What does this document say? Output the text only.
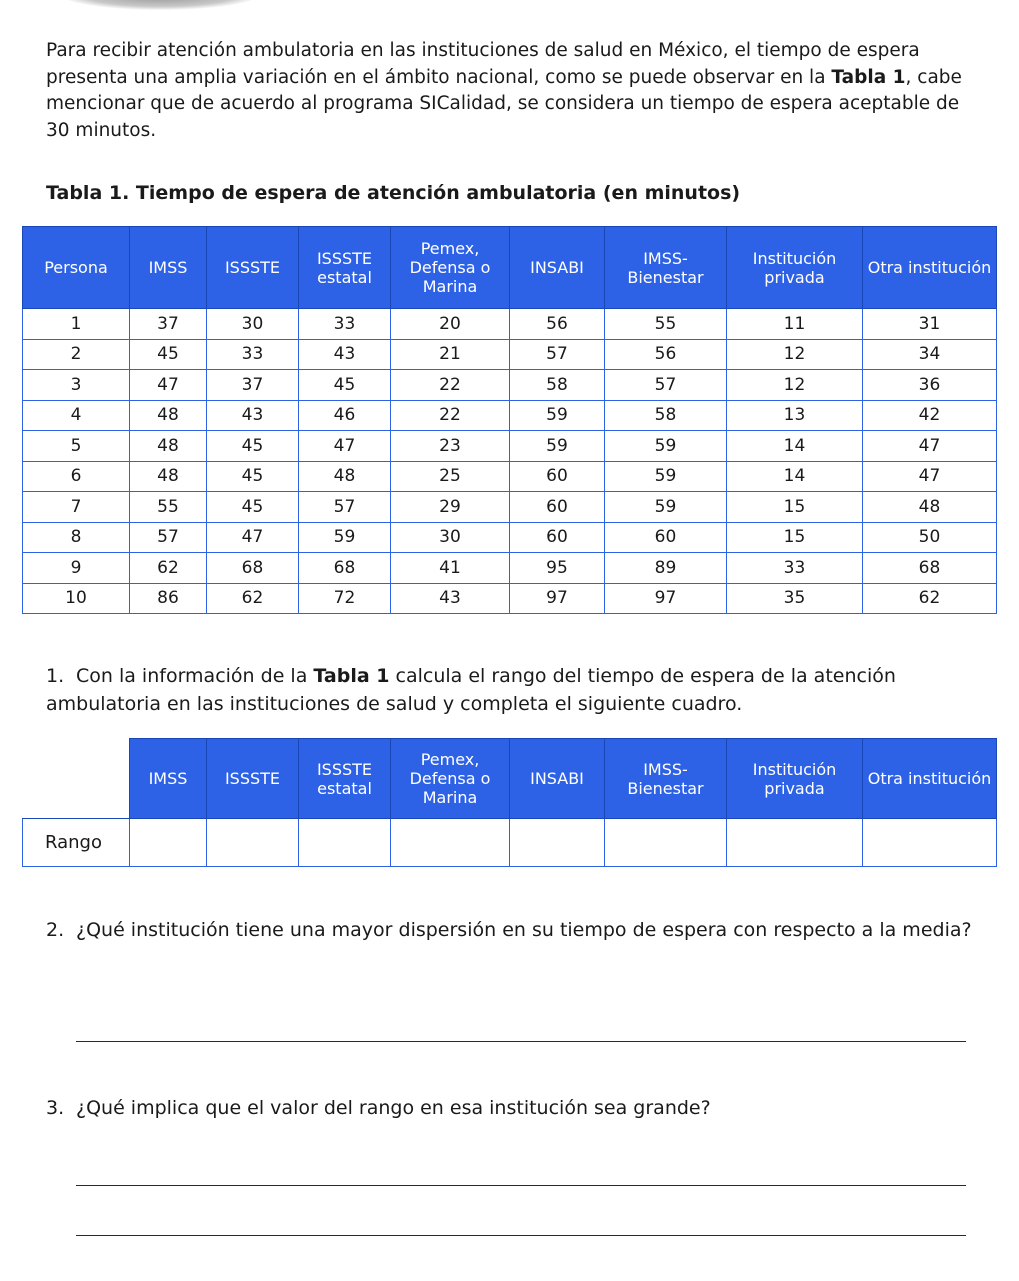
Para recibir atención ambulatoria en las instituciones de salud en México, el tiempo de espera presenta una amplia variación en el ámbito nacional, como se puede observar en la Tabla 1, cabe mencionar que de acuerdo al programa SICalidad, se considera un tiempo de espera aceptable de 30 minutos.

Tabla 1. Tiempo de espera de atención ambulatoria (en minutos)

Persona	IMSS	ISSSTE	ISSSTE estatal	Pemex, Defensa o Marina	INSABI	IMSS-Bienestar	Institución privada	Otra institución
1	37	30	33	20	56	55	11	31
2	45	33	43	21	57	56	12	34
3	47	37	45	22	58	57	12	36
4	48	43	46	22	59	58	13	42
5	48	45	47	23	59	59	14	47
6	48	45	48	25	60	59	14	47
7	55	45	57	29	60	59	15	48
8	57	47	59	30	60	60	15	50
9	62	68	68	41	95	89	33	68
10	86	62	72	43	97	97	35	62
1. Con la información de la Tabla 1 calcula el rango del tiempo de espera de la atención ambulatoria en las instituciones de salud y completa el siguiente cuadro.
	IMSS	ISSSTE	ISSSTE estatal	Pemex, Defensa o Marina	INSABI	IMSS-Bienestar	Institución privada	Otra institución
Rango								
2. ¿Qué institución tiene una mayor dispersión en su tiempo de espera con respecto a la media?
3. ¿Qué implica que el valor del rango en esa institución sea grande?
